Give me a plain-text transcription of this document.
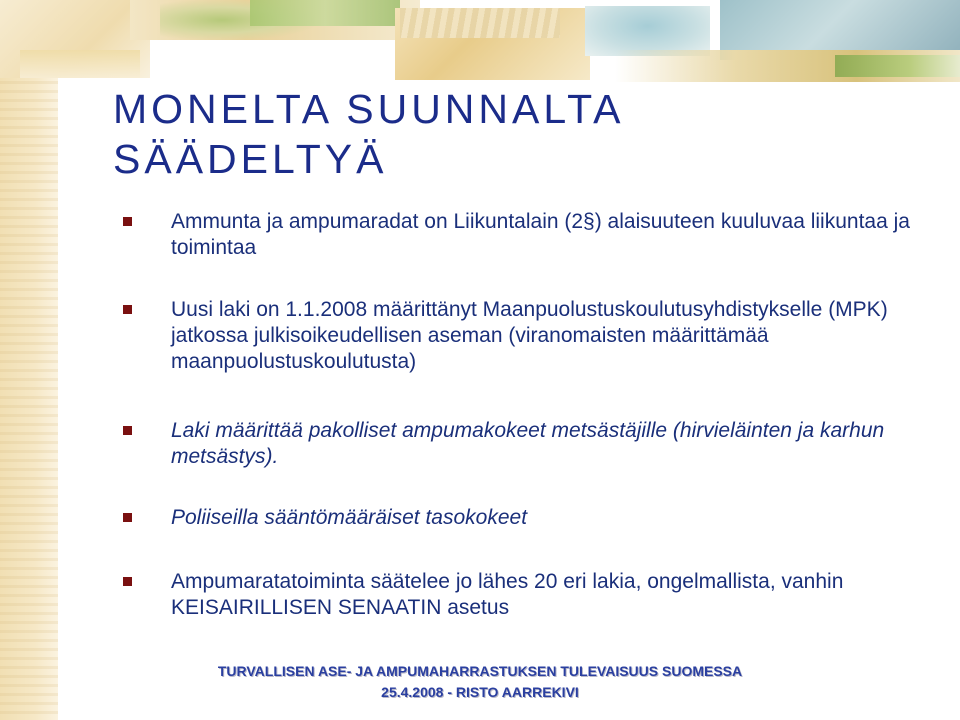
MONELTA SUUNNALTA
SÄÄDELTYÄ
Ammunta ja ampumaradat on Liikuntalain (2§) alaisuuteen kuuluvaa liikuntaa ja toimintaa
Uusi laki on 1.1.2008 määrittänyt Maanpuolustuskoulutusyhdistykselle (MPK) jatkossa julkisoikeudellisen aseman (viranomaisten määrittämää maanpuolustuskoulutusta)
Laki määrittää pakolliset ampumakokeet metsästäjille (hirvieläinten ja karhun metsästys).
Poliiseilla sääntömääräiset tasokokeet
Ampumaratatoiminta säätelee jo lähes 20 eri lakia, ongelmallista, vanhin KEISAIRILLISEN SENAATIN asetus
TURVALLISEN ASE- JA AMPUMAHARRASTUKSEN TULEVAISUUS SUOMESSA
25.4.2008 - RISTO AARREKIVI
